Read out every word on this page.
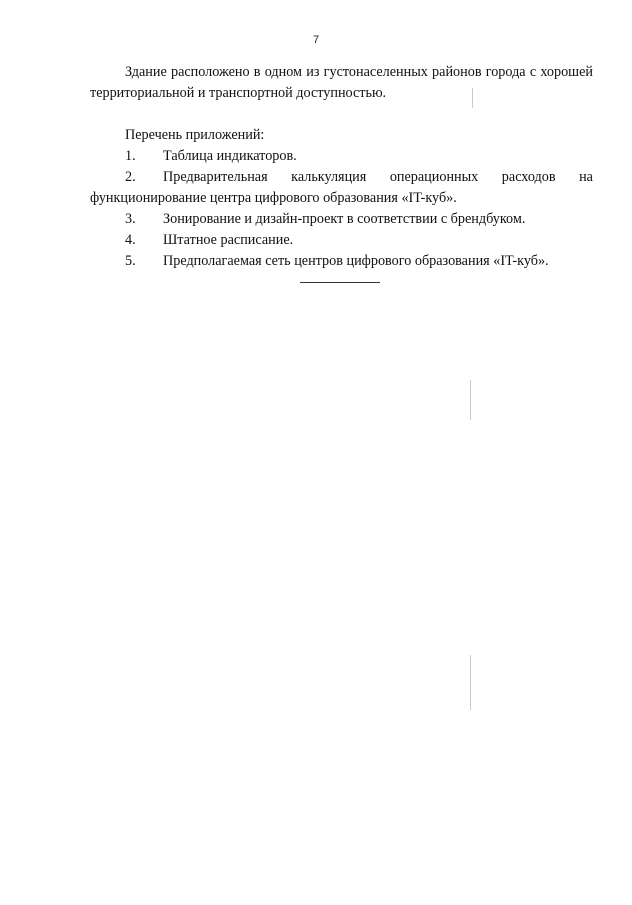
7

Здание расположено в одном из густонаселенных районов города с хорошей территориальной и транспортной доступностью.

Перечень приложений:

1. Таблица индикаторов.
2.	Предварительная калькуляция операционных расходов на
функционирование центра цифрового образования «IT-куб».
3. Зонирование и дизайн-проект в соответствии с брендбуком.
4. Штатное расписание.
5. Предполагаемая сеть центров цифрового образования «IT-куб».
